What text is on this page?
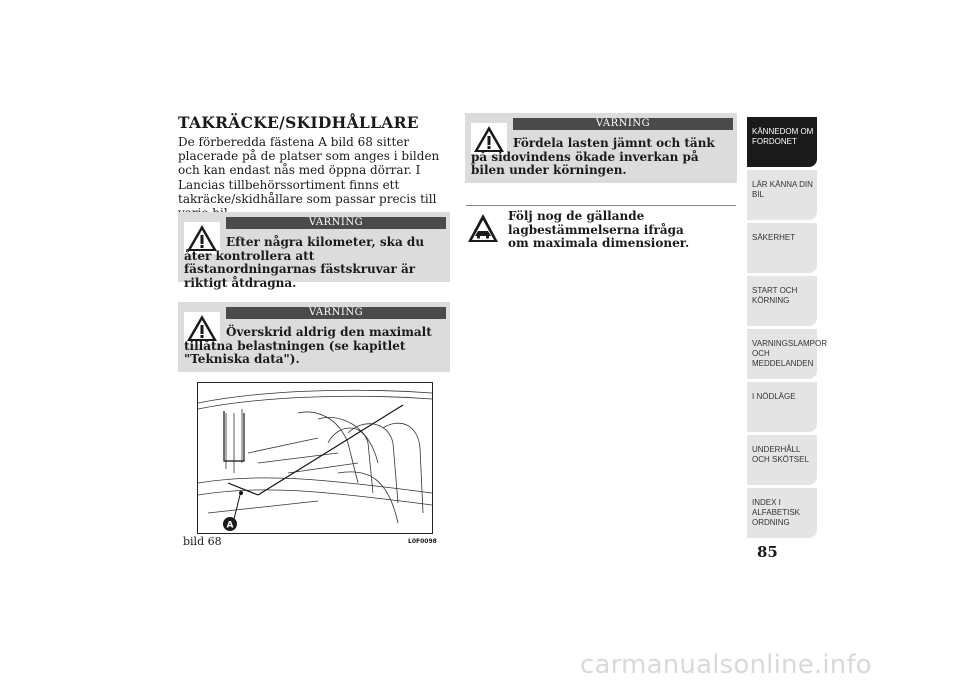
TAKRÄCKE/SKIDHÅLLARE
De förberedda fästena A bild 68 sitter placerade på de platser som anges i bilden och kan endast nås med öppna dörrar. I Lancias tillbehörssortiment finns ett takräcke/skidhållare som passar precis till
VARNING
Efter några kilometer, ska du åter kontrollera att fästanordningarnas fästskruvar är riktigt åtdragna.
VARNING
Överskrid aldrig den maximalt tillåtna belastningen (se kapitlet "Tekniska data").
A
bild 68	L0F0098
VARNING
Fördela lasten jämnt och tänk på sidovindens ökade inverkan på bilen under körningen.
Följ nog de gällande lagbestämmelserna ifråga om maximala dimensioner.
KÄNNEDOM OM FORDONET
LÄR KÄNNA DIN BIL
SÄKERHET
START OCH KÖRNING
VARNINGSLAMPOR OCH MEDDELANDEN
I NÖDLÄGE
UNDERHÅLL OCH SKÖTSEL
INDEX I ALFABETISK ORDNING
85
carmanualsonline.info
